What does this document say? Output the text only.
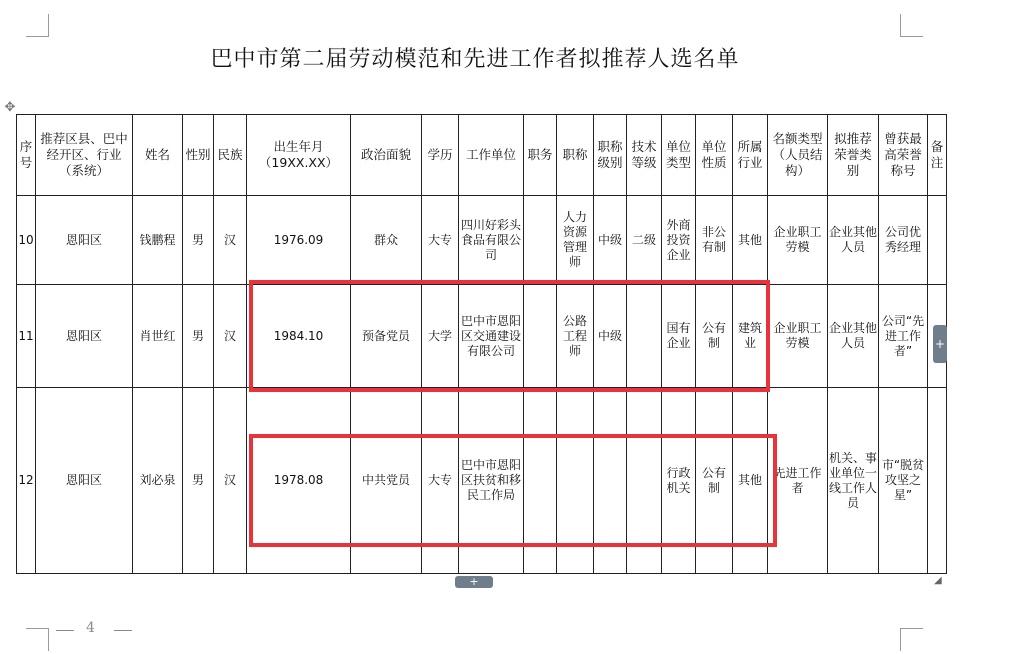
巴中市第二届劳动模范和先进工作者拟推荐人选名单
✥
序号	推荐区县、巴中经开区、行业（系统）	姓名	性别	民族	出生年月（19XX.XX）	政治面貌	学历	工作单位	职务	职称	职称级别	技术等级	单位类型	单位性质	所属行业	名额类型（人员结构）	拟推荐荣誉类别	曾获最高荣誉称号	备注
10	恩阳区	钱鹏程	男	汉	1976.09	群众	大专	四川好彩头食品有限公司		人力资源管理师	中级	二级	外商投资企业	非公有制	其他	企业职工劳模	企业其他人员	公司优秀经理	
11	恩阳区	肖世红	男	汉	1984.10	预备党员	大学	巴中市恩阳区交通建设有限公司		公路工程师	中级		国有企业	公有制	建筑业	企业职工劳模	企业其他人员	公司“先进工作者”	
12	恩阳区	刘必泉	男	汉	1978.08	中共党员	大专	巴中市恩阳区扶贫和移民工作局					行政机关	公有制	其他	先进工作者	机关、事业单位一线工作人员	市“脱贫攻坚之星”	
+
+	◢
4
